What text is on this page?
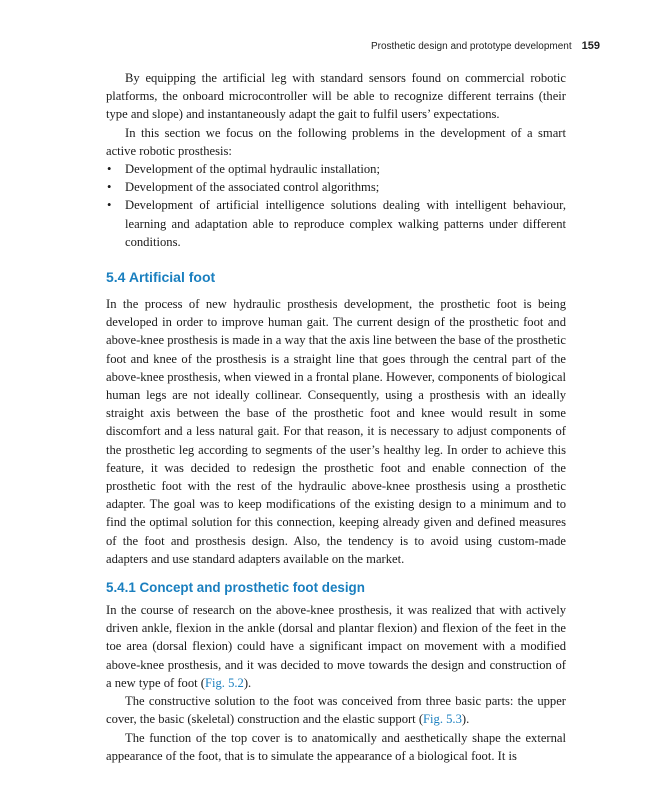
Prosthetic design and prototype development 159

By equipping the artificial leg with standard sensors found on commercial robotic platforms, the onboard microcontroller will be able to recognize different terrains (their type and slope) and instantaneously adapt the gait to fulfil users’ expectations.

In this section we focus on the following problems in the development of a smart active robotic prosthesis:

• Development of the optimal hydraulic installation;
• Development of the associated control algorithms;
• Development of artificial intelligence solutions dealing with intelligent behaviour, learning and adaptation able to reproduce complex walking patterns under different conditions.
5.4 Artificial foot

In the process of new hydraulic prosthesis development, the prosthetic foot is being developed in order to improve human gait. The current design of the prosthetic foot and above-knee prosthesis is made in a way that the axis line between the base of the prosthetic foot and knee of the prosthesis is a straight line that goes through the central part of the above-knee prosthesis, when viewed in a frontal plane. However, components of biological human legs are not ideally collinear. Consequently, using a prosthesis with an ideally straight axis between the base of the prosthetic foot and knee would result in some discomfort and a less natural gait. For that reason, it is necessary to adjust components of the prosthetic leg according to segments of the user’s healthy leg. In order to achieve this feature, it was decided to redesign the prosthetic foot and enable connection of the prosthetic foot with the rest of the hydraulic above-knee prosthesis using a prosthetic adapter. The goal was to keep modifications of the existing design to a minimum and to find the optimal solution for this connection, keeping already given and defined measures of the foot and prosthesis design. Also, the tendency is to avoid using custom-made adapters and use standard adapters available on the market.

5.4.1 Concept and prosthetic foot design

In the course of research on the above-knee prosthesis, it was realized that with actively driven ankle, flexion in the ankle (dorsal and plantar flexion) and flexion of the feet in the toe area (dorsal flexion) could have a significant impact on movement with a modified above-knee prosthesis, and it was decided to move towards the design and construction of a new type of foot (Fig. 5.2).

The constructive solution to the foot was conceived from three basic parts: the upper cover, the basic (skeletal) construction and the elastic support (Fig. 5.3).

The function of the top cover is to anatomically and aesthetically shape the external appearance of the foot, that is to simulate the appearance of a biological foot. It is
